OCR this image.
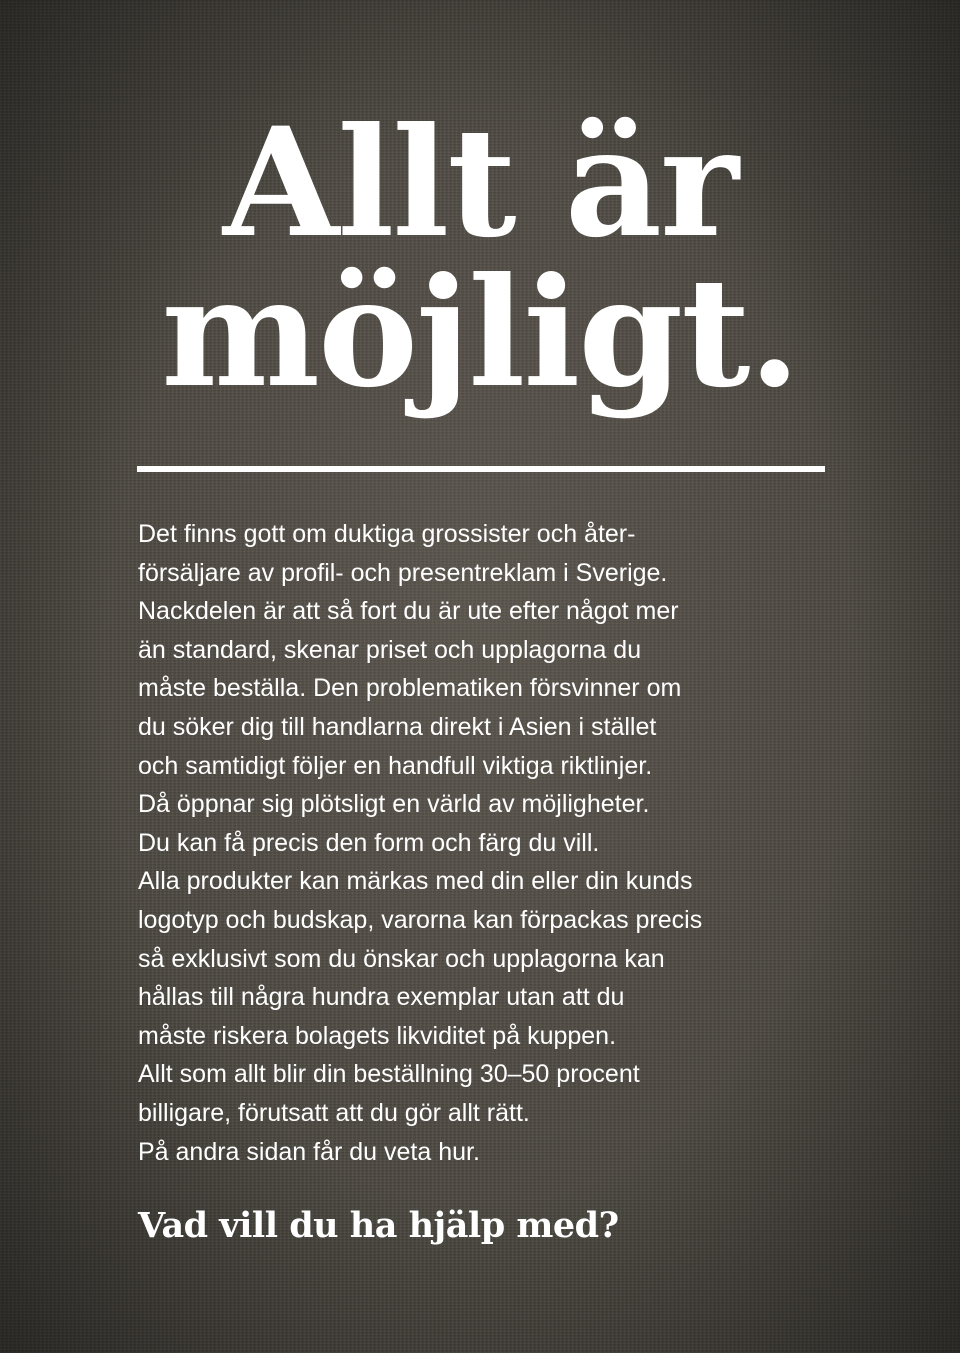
Allt är
möjligt.

Det finns gott om duktiga grossister och åter-

försäljare av profil- och presentreklam i Sverige.

Nackdelen är att så fort du är ute efter något mer

än standard, skenar priset och upplagorna du

måste beställa. Den problematiken försvinner om

du söker dig till handlarna direkt i Asien i stället

och samtidigt följer en handfull viktiga riktlinjer.

Då öppnar sig plötsligt en värld av möjligheter.

Du kan få precis den form och färg du vill.

Alla produkter kan märkas med din eller din kunds

logotyp och budskap, varorna kan förpackas precis

så exklusivt som du önskar och upplagorna kan

hållas till några hundra exemplar utan att du

måste riskera bolagets likviditet på kuppen.

Allt som allt blir din beställning 30–50 procent

billigare, förutsatt att du gör allt rätt.

På andra sidan får du veta hur.

Vad vill du ha hjälp med?
